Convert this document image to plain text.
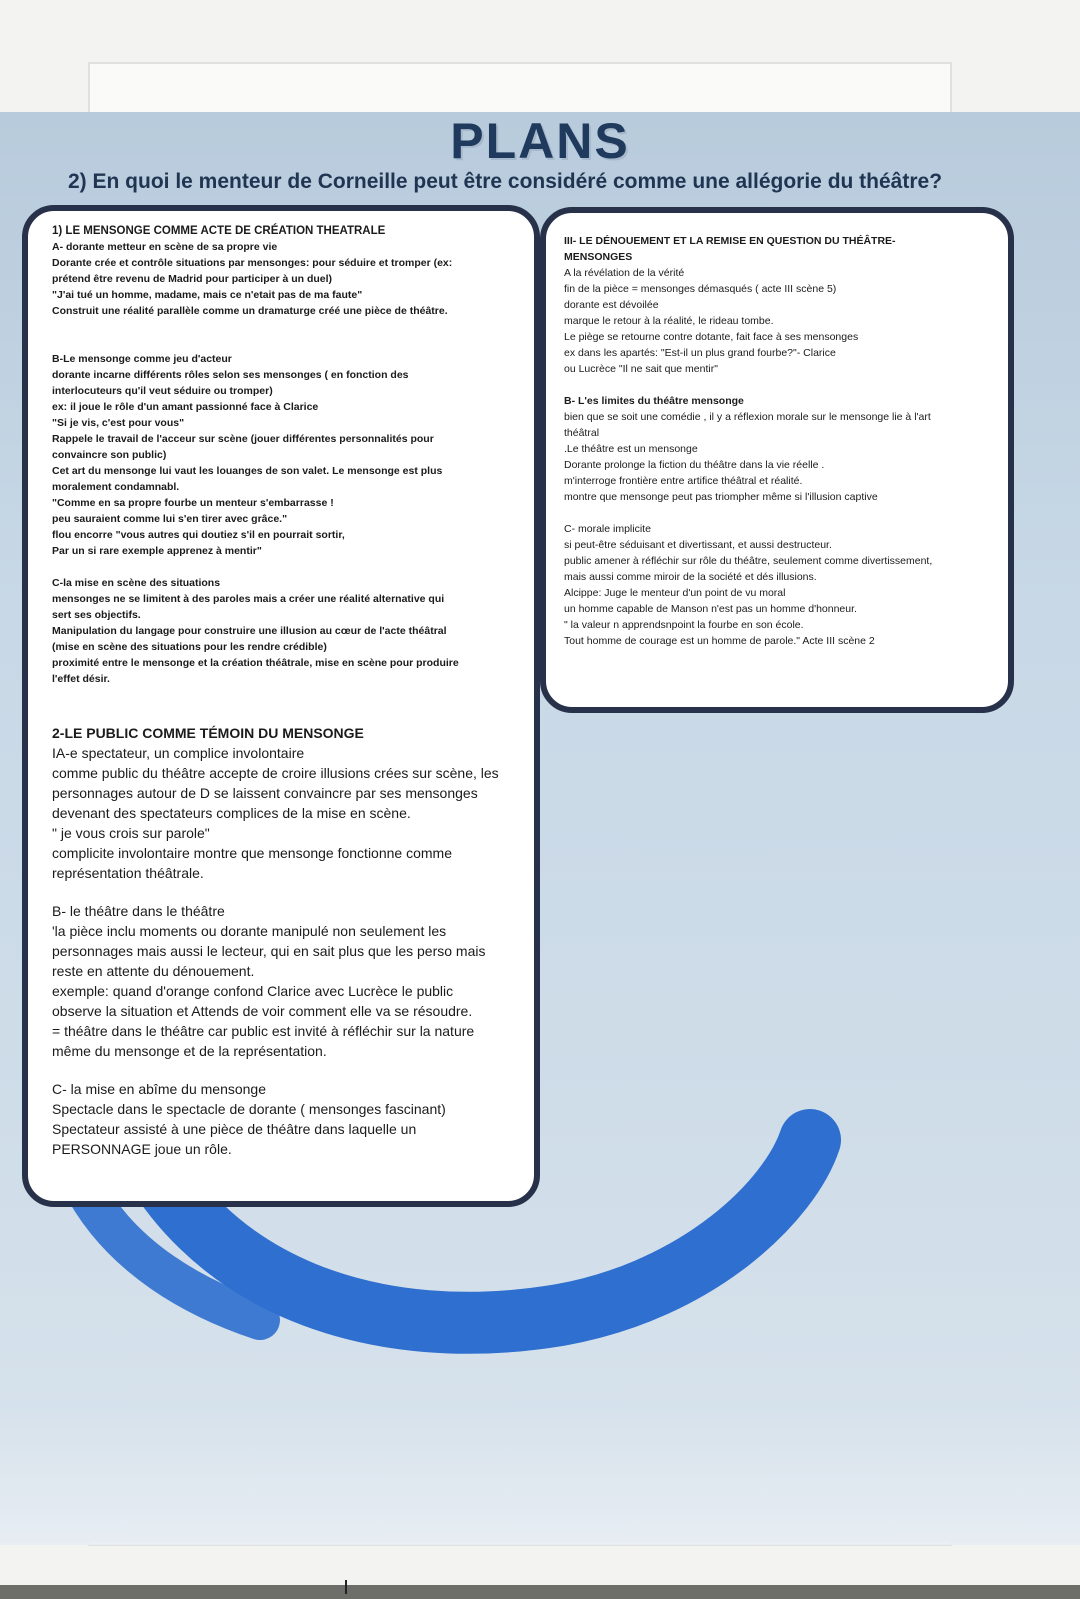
PLANS
2) En quoi le menteur de Corneille peut être considéré comme une allégorie du théâtre?

1) LE MENSONGE COMME ACTE DE CRÉATION THEATRALE

A- dorante metteur en scène de sa propre vie

Dorante crée et contrôle situations par mensonges: pour séduire et tromper (ex:

prétend être revenu de Madrid pour participer à un duel)

"J'ai tué un homme, madame, mais ce n'etait pas de ma faute"

Construit une réalité parallèle comme un dramaturge créé une pièce de théâtre.

B-Le mensonge comme jeu d'acteur

dorante incarne différents rôles selon ses mensonges ( en fonction des

interlocuteurs qu'il veut séduire ou tromper)

ex: il joue le rôle d'un amant passionné face à Clarice

"Si je vis, c'est pour vous"

Rappele le travail de l'acceur sur scène (jouer différentes personnalités pour

convaincre son public)

Cet art du mensonge lui vaut les louanges de son valet. Le mensonge est plus

moralement condamnabl.

"Comme en sa propre fourbe un menteur s'embarrasse !

peu sauraient comme lui s'en tirer avec grâce."

flou encorre "vous autres qui doutiez s'il en pourrait sortir,

Par un si rare exemple apprenez à mentir"

C-la mise en scène des situations

mensonges ne se limitent à des paroles mais a créer une réalité alternative qui

sert ses objectifs.

Manipulation du langage pour construire une illusion au cœur de l'acte théâtral

(mise en scène des situations pour les rendre crédible)

proximité entre le mensonge et la création théâtrale, mise en scène pour produire

l'effet désir.

2-LE PUBLIC COMME TÉMOIN DU MENSONGE

IA-e spectateur, un complice involontaire

comme public du théâtre accepte de croire illusions crées sur scène, les

personnages autour de D se laissent convaincre par ses mensonges

devenant des spectateurs complices de la mise en scène.

" je vous crois sur parole"

complicite involontaire montre que mensonge fonctionne comme

représentation théâtrale.

B- le théâtre dans le théâtre

'la pièce inclu moments ou dorante manipulé non seulement les

personnages mais aussi le lecteur, qui en sait plus que les perso mais

reste en attente du dénouement.

exemple: quand d'orange confond Clarice avec Lucrèce le public

observe la situation et Attends de voir comment elle va se résoudre.

= théâtre dans le théâtre car public est invité à réfléchir sur la nature

même du mensonge et de la représentation.

C- la mise en abîme du mensonge

Spectacle dans le spectacle de dorante ( mensonges fascinant)

Spectateur assisté à une pièce de théâtre dans laquelle un

PERSONNAGE joue un rôle.

III- LE DÉNOUEMENT ET LA REMISE EN QUESTION DU THÉÂTRE-

MENSONGES

A la révélation de la vérité

fin de la pièce = mensonges démasqués ( acte III scène 5)

dorante est dévoilée

marque le retour à la réalité, le rideau tombe.

Le piège se retourne contre dotante, fait face à ses mensonges

ex dans les apartés: "Est-il un plus grand fourbe?"- Clarice

ou Lucrèce "Il ne sait que mentir"

B- L'es limites du théâtre mensonge

bien que se soit une comédie , il y a réflexion morale sur le mensonge lie à l'art

théâtral

.Le théâtre est un mensonge

Dorante prolonge la fiction du théâtre dans la vie réelle .

m'interroge frontière entre artifice théâtral et réalité.

montre que mensonge peut pas triompher même si l'illusion captive

C- morale implicite

si peut-être séduisant et divertissant, et aussi destructeur.

public amener à réfléchir sur rôle du théâtre, seulement comme divertissement,

mais aussi comme miroir de la société et dés illusions.

Alcippe: Juge le menteur d'un point de vu moral

un homme capable de Manson n'est pas un homme d'honneur.

" la valeur n apprendsnpoint la fourbe en son école.

Tout homme de courage est un homme de parole." Acte III scène 2
